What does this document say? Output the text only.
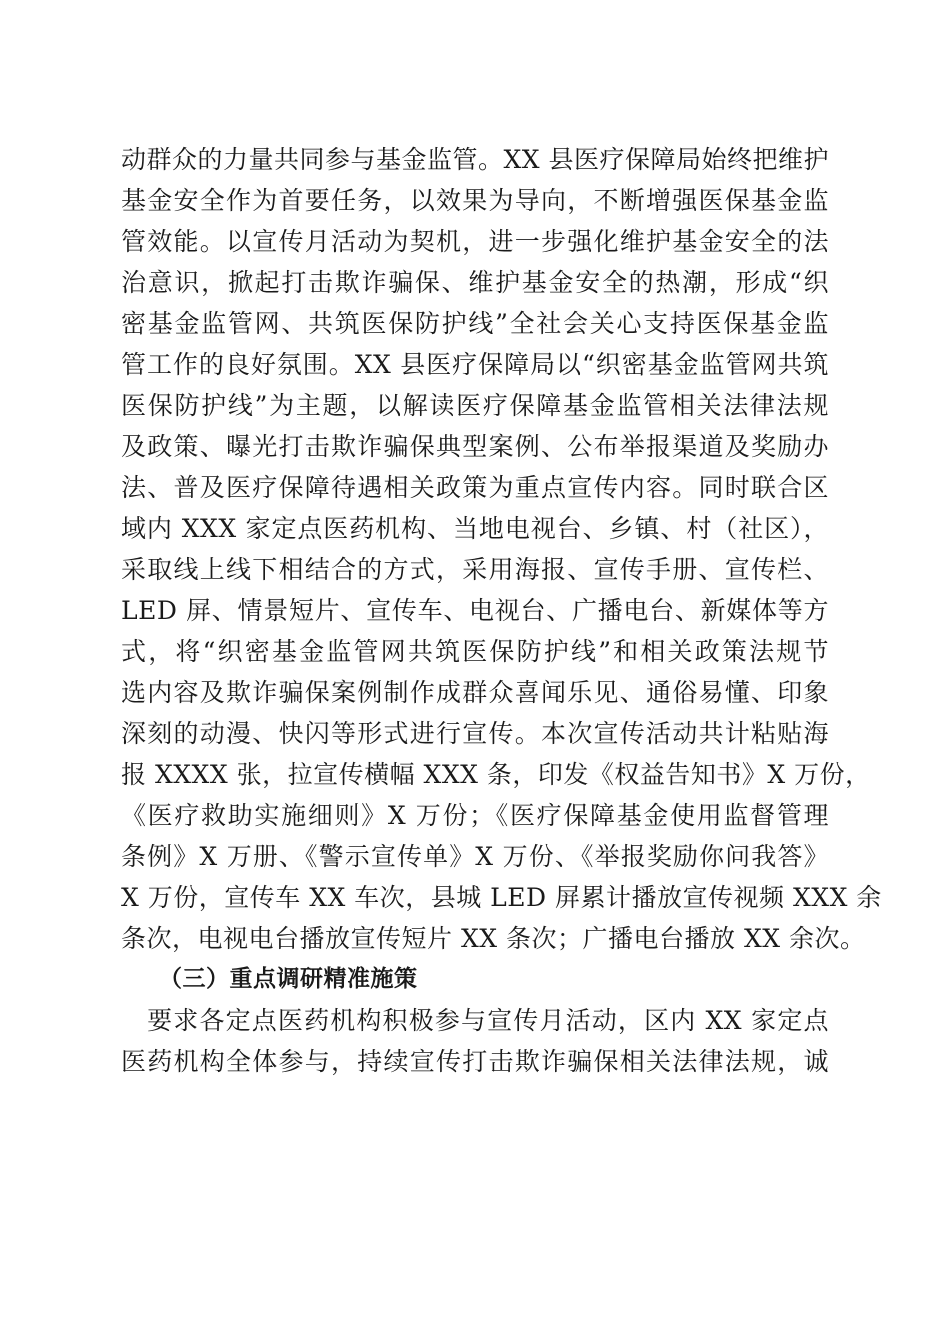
动群众的力量共同参与基金监管。XX 县医疗保障局始终把维护
基金安全作为首要任务，以效果为导向，不断增强医保基金监
管效能。以宣传月活动为契机，进一步强化维护基金安全的法
治意识，掀起打击欺诈骗保、维护基金安全的热潮，形成“织
密基金监管网、共筑医保防护线”全社会关心支持医保基金监
管工作的良好氛围。XX 县医疗保障局以“织密基金监管网共筑
医保防护线”为主题，以解读医疗保障基金监管相关法律法规
及政策、曝光打击欺诈骗保典型案例、公布举报渠道及奖励办
法、普及医疗保障待遇相关政策为重点宣传内容。同时联合区
域内 XXX 家定点医药机构、当地电视台、乡镇、村（社区），
采取线上线下相结合的方式，采用海报、宣传手册、宣传栏、
LED 屏、情景短片、宣传车、电视台、广播电台、新媒体等方
式，将“织密基金监管网共筑医保防护线”和相关政策法规节
选内容及欺诈骗保案例制作成群众喜闻乐见、通俗易懂、印象
深刻的动漫、快闪等形式进行宣传。本次宣传活动共计粘贴海
报 XXXX 张，拉宣传横幅 XXX 条，印发《权益告知书》X 万份，
《医疗救助实施细则》X 万份；《医疗保障基金使用监督管理
条例》X 万册、《警示宣传单》X 万份、《举报奖励你问我答》
X 万份，宣传车 XX 车次，县城 LED 屏累计播放宣传视频 XXX 余
条次，电视电台播放宣传短片 XX 条次；广播电台播放 XX 余次。
（三）重点调研精准施策
　要求各定点医药机构积极参与宣传月活动，区内 XX 家定点
医药机构全体参与，持续宣传打击欺诈骗保相关法律法规，诚
